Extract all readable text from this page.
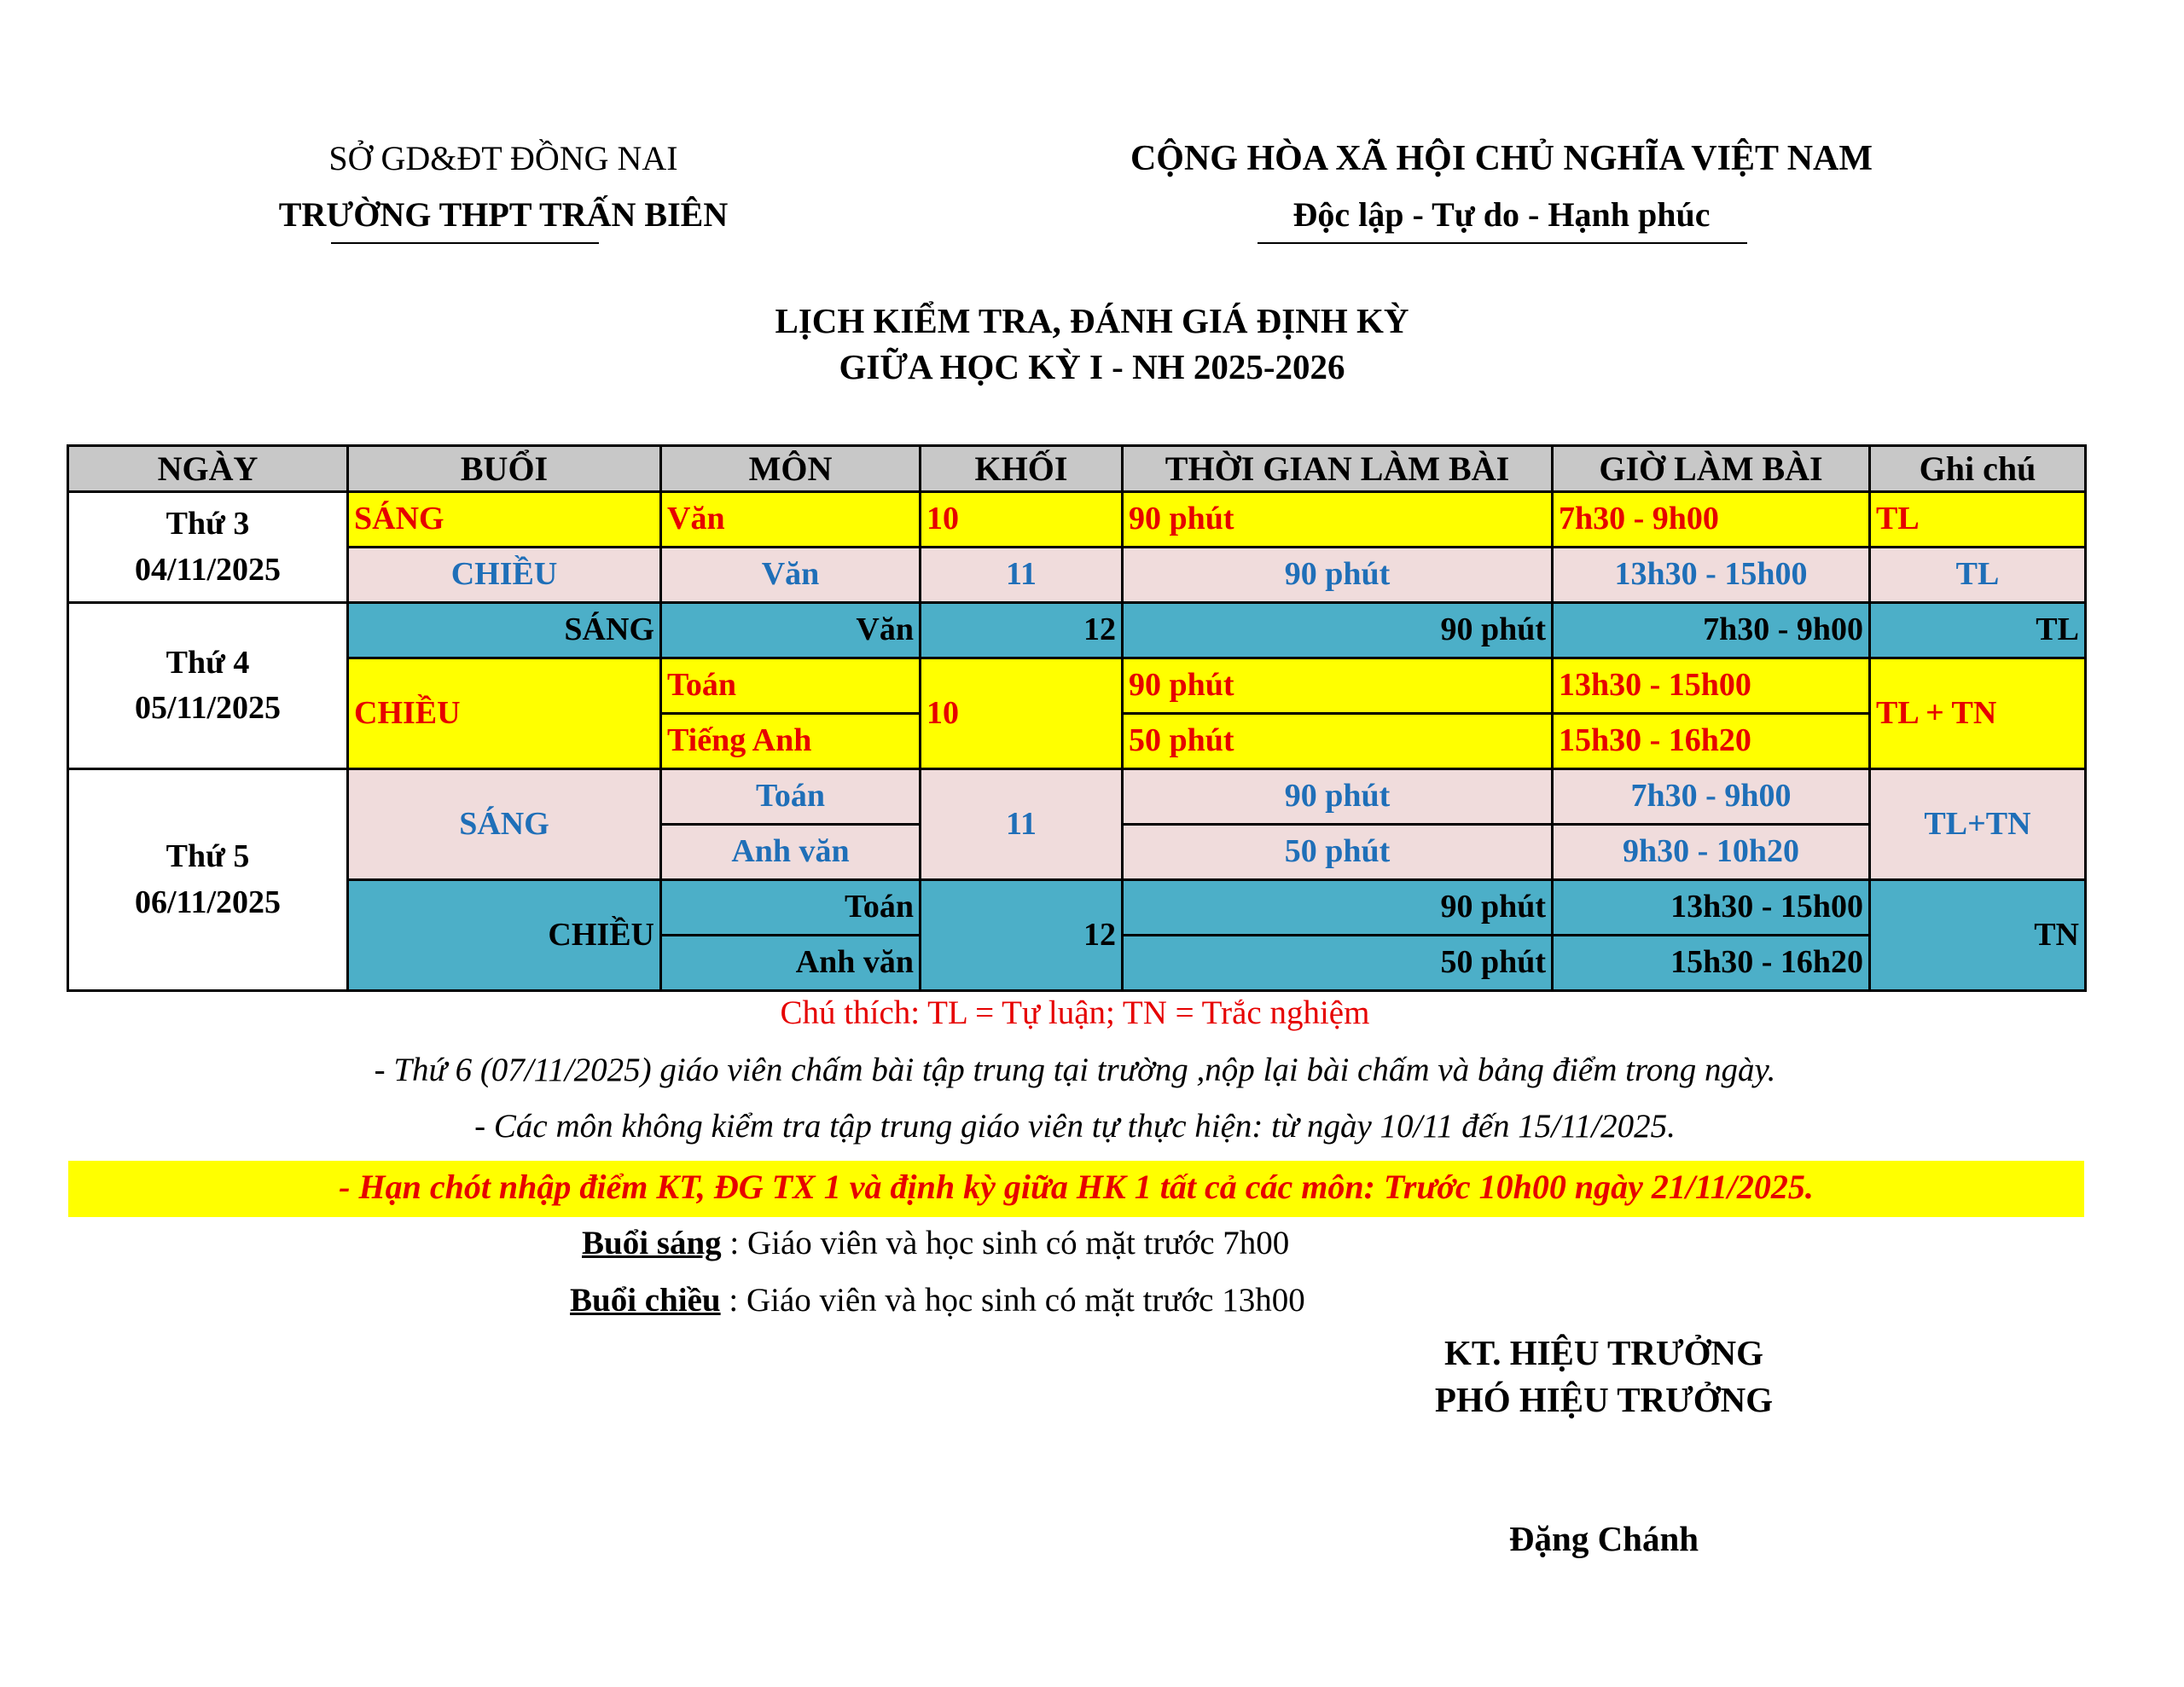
SỞ GD&ĐT ĐỒNG NAI
TRƯỜNG THPT TRẤN BIÊN
CỘNG HÒA XÃ HỘI CHỦ NGHĨA VIỆT NAM
Độc lập - Tự do - Hạnh phúc
LỊCH KIỂM TRA, ĐÁNH GIÁ ĐỊNH KỲ
GIỮA HỌC KỲ I - NH 2025-2026
NGÀY	BUỔI	MÔN	KHỐI	THỜI GIAN LÀM BÀI	GIỜ LÀM BÀI	Ghi chú

Thứ 3
04/11/2025	SÁNG	Văn	10	90 phút	7h30 - 9h00	TL
	CHIỀU	Văn	11	90 phút	13h30 - 15h00	TL

Thứ 4
05/11/2025	SÁNG	Văn	12	90 phút	7h30 - 9h00	TL
	CHIỀU	Toán	10	90 phút	13h30 - 15h00	TL + TN
		Tiếng Anh		50 phút	15h30 - 16h20	

Thứ 5
06/11/2025	SÁNG	Toán	11	90 phút	7h30 - 9h00	TL+TN
		Anh văn		50 phút	9h30 - 10h20	
	CHIỀU	Toán	12	90 phút	13h30 - 15h00	TN
		Anh văn		50 phút	15h30 - 16h20	
Chú thích: TL = Tự luận; TN = Trắc nghiệm
- Thứ 6 (07/11/2025) giáo viên chấm bài tập trung tại trường ,nộp lại bài chấm và bảng điểm trong ngày.
- Các môn không kiểm tra tập trung giáo viên tự thực hiện: từ ngày 10/11 đến 15/11/2025.
- Hạn chót nhập điểm KT, ĐG TX 1 và định kỳ giữa HK 1 tất cả các môn: Trước 10h00 ngày 21/11/2025.
Buổi sáng : Giáo viên và học sinh có mặt trước 7h00
Buổi chiều : Giáo viên và học sinh có mặt trước 13h00
KT. HIỆU TRƯỞNG
PHÓ HIỆU TRƯỞNG
Đặng Chánh
